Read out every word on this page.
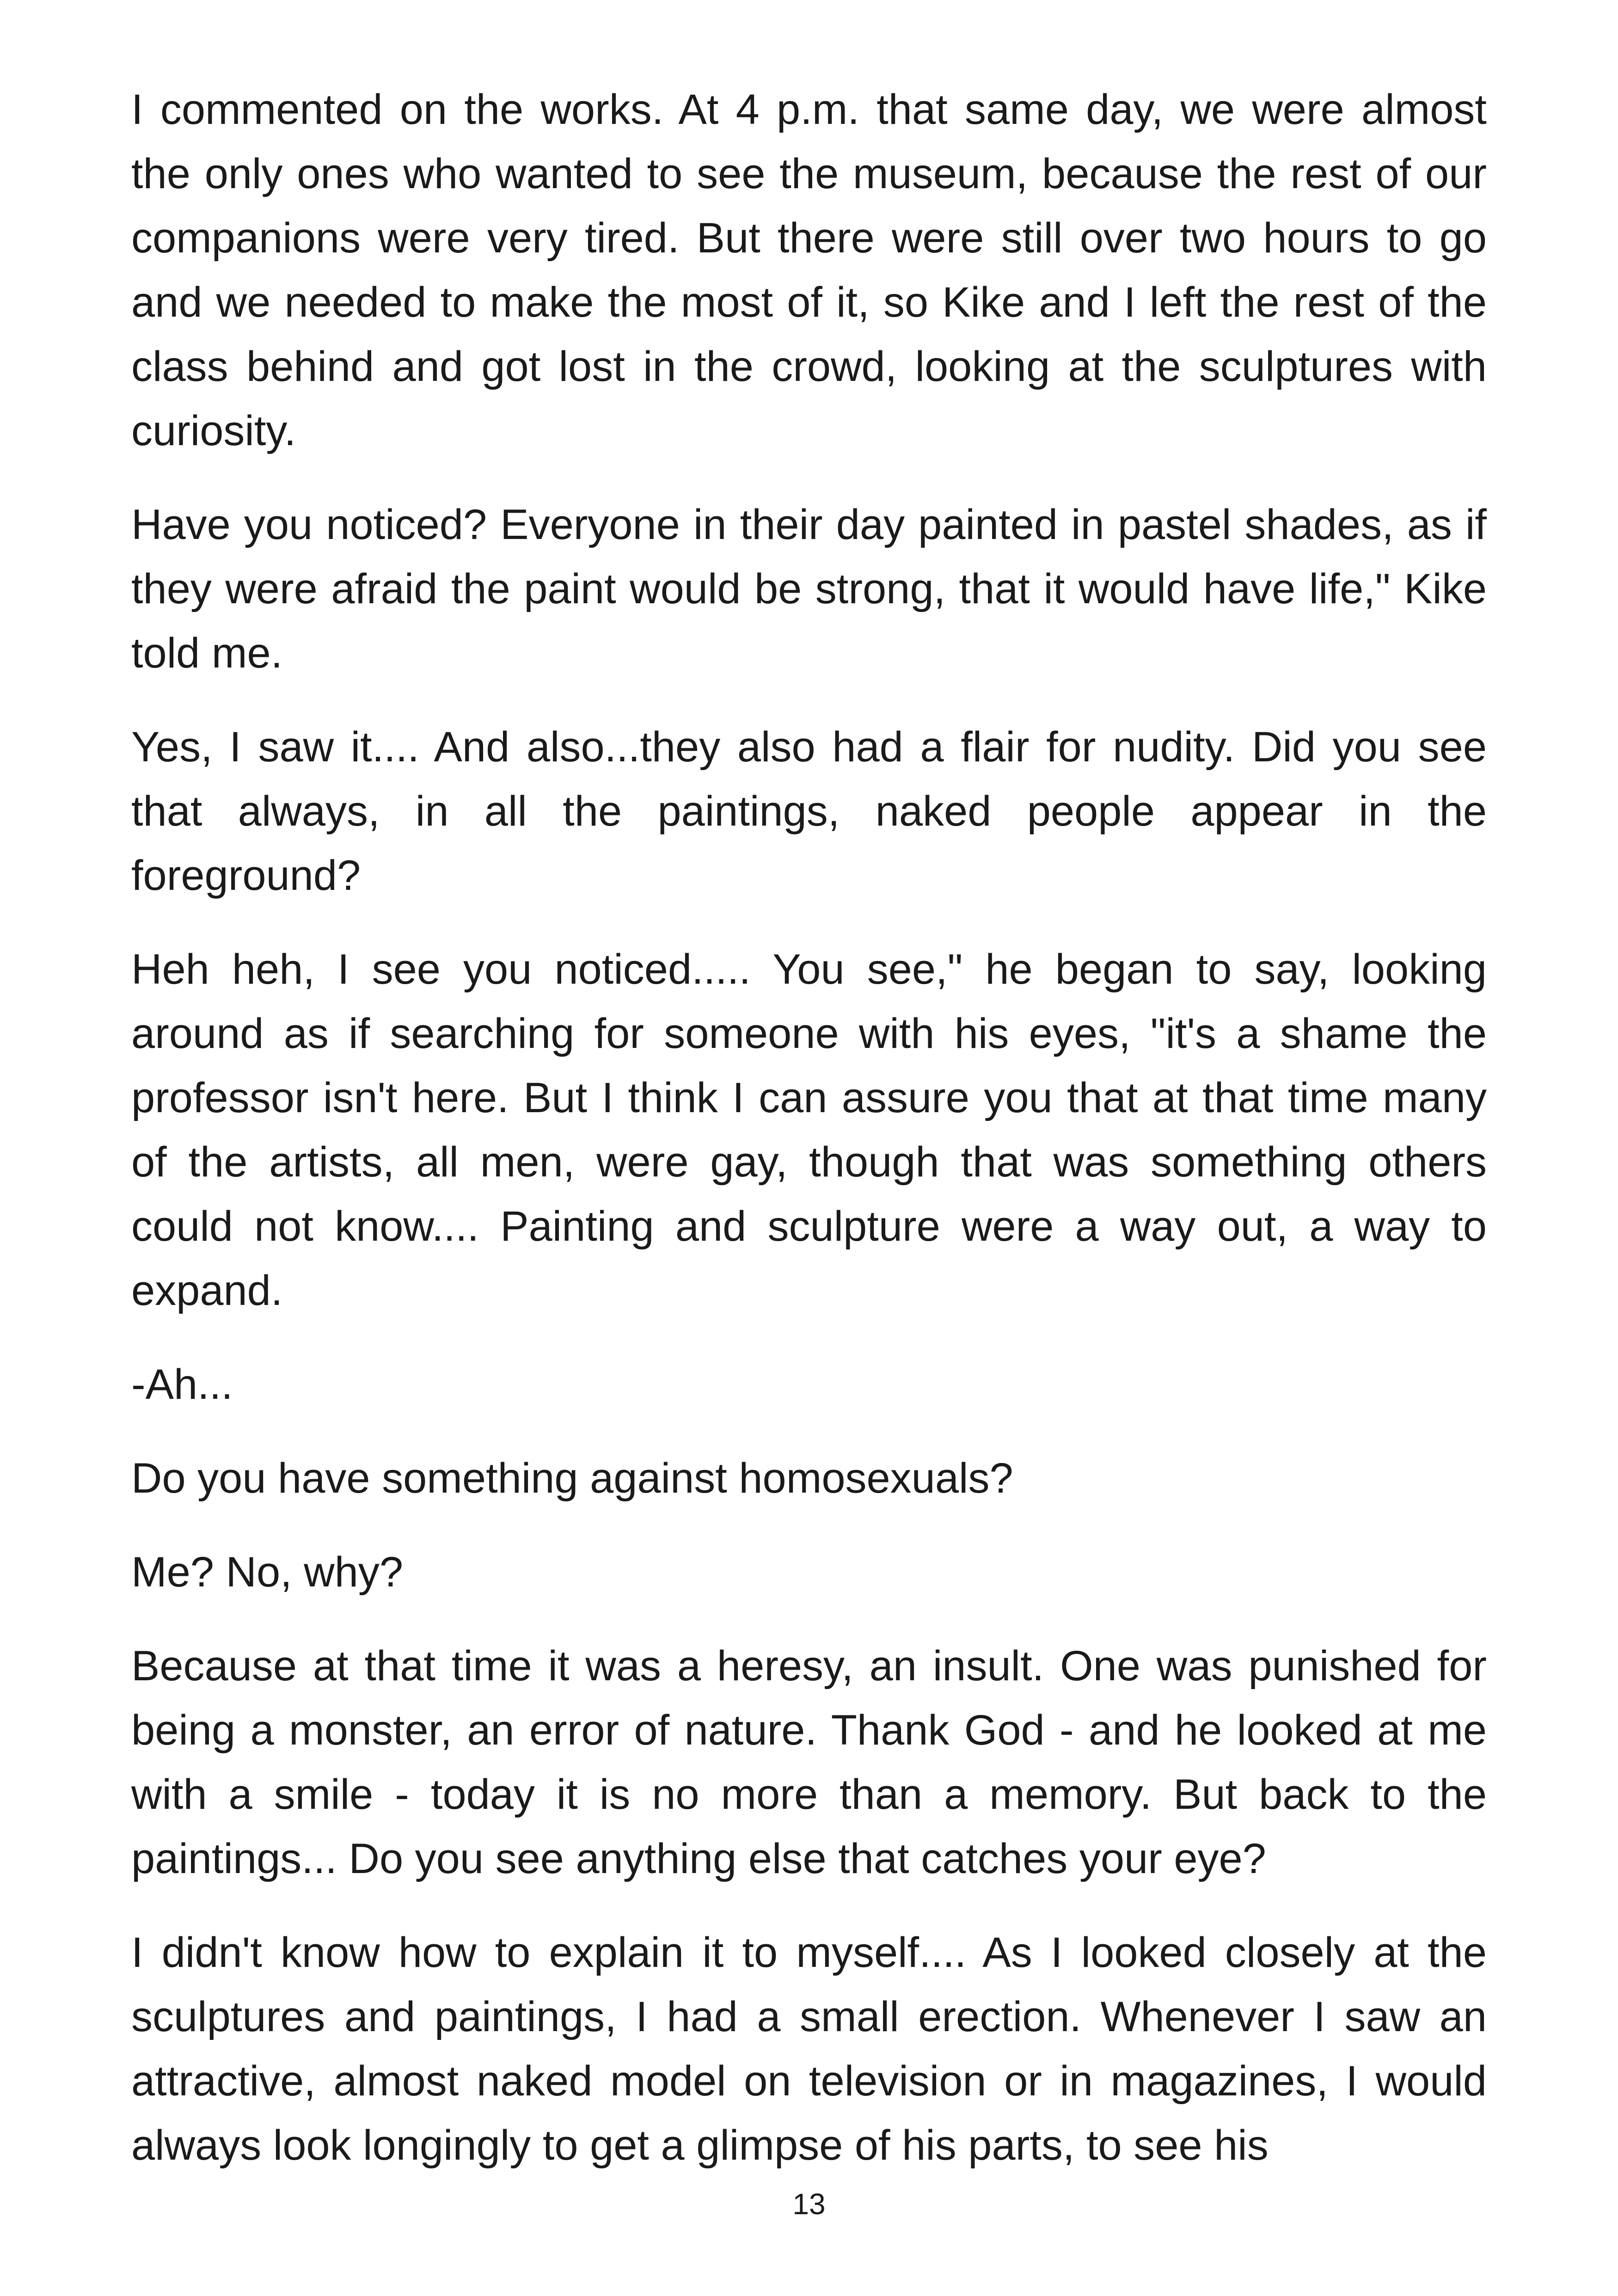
I commented on the works. At 4 p.m. that same day, we were almost the only ones who wanted to see the museum, because the rest of our companions were very tired. But there were still over two hours to go and we needed to make the most of it, so Kike and I left the rest of the class behind and got lost in the crowd, looking at the sculptures with curiosity.

Have you noticed? Everyone in their day painted in pastel shades, as if they were afraid the paint would be strong, that it would have life," Kike told me.

Yes, I saw it.... And also...they also had a flair for nudity. Did you see that always, in all the paintings, naked people appear in the foreground?

Heh heh, I see you noticed..... You see," he began to say, looking around as if searching for someone with his eyes, "it's a shame the professor isn't here. But I think I can assure you that at that time many of the artists, all men, were gay, though that was something others could not know.... Painting and sculpture were a way out, a way to expand.

-Ah...

Do you have something against homosexuals?

Me? No, why?

Because at that time it was a heresy, an insult. One was punished for being a monster, an error of nature. Thank God - and he looked at me with a smile - today it is no more than a memory. But back to the paintings... Do you see anything else that catches your eye?

I didn't know how to explain it to myself.... As I looked closely at the sculptures and paintings, I had a small erection. Whenever I saw an attractive, almost naked model on television or in magazines, I would always look longingly to get a glimpse of his parts, to see his

13
